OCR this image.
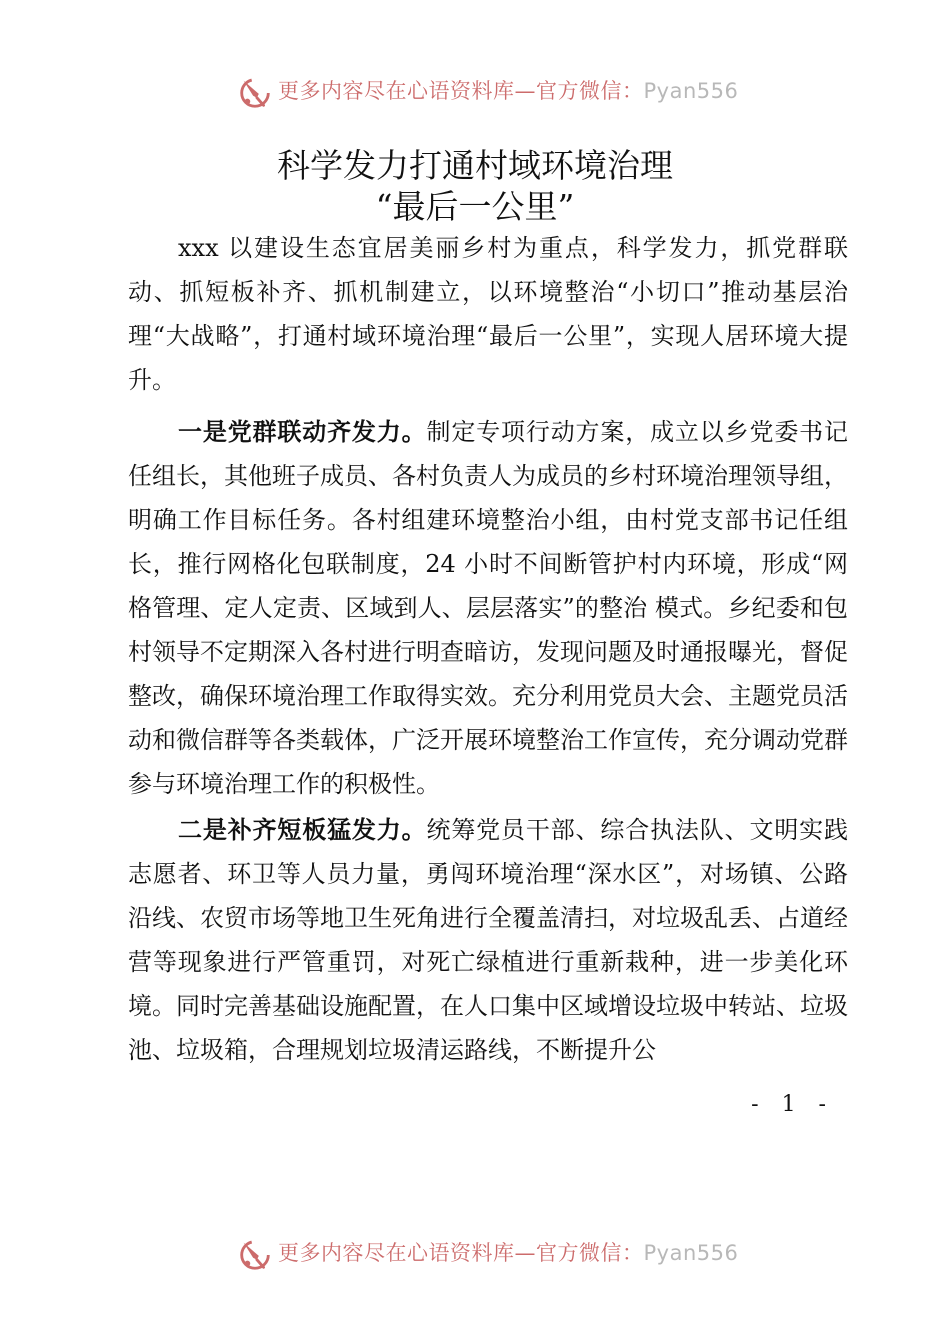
更多内容尽在心语资料库—官方微信：Pyan556
科学发力打通村域环境治理
“最后一公里”

xxx 以建设生态宜居美丽乡村为重点，科学发力，抓党群联动、抓短板补齐、抓机制建立，以环境整治“小切口”推动基层治理“大战略”，打通村域环境治理“最后一公里”，实现人居环境大提升。

一是党群联动齐发力。制定专项行动方案，成立以乡党委书记任组长，其他班子成员、各村负责人为成员的乡村环境治理领导组，明确工作目标任务。各村组建环境整治小组，由村党支部书记任组长，推行网格化包联制度，24 小时不间断管护村内环境，形成“网格管理、定人定责、区域到人、层层落实”的整治 模式。乡纪委和包村领导不定期深入各村进行明查暗访，发现问题及时通报曝光，督促整改，确保环境治理工作取得实效。充分利用党员大会、主题党员活动和微信群等各类载体，广泛开展环境整治工作宣传，充分调动党群参与环境治理工作的积极性。

二是补齐短板猛发力。统筹党员干部、综合执法队、文明实践志愿者、环卫等人员力量，勇闯环境治理“深水区”，对场镇、公路沿线、农贸市场等地卫生死角进行全覆盖清扫，对垃圾乱丢、占道经营等现象进行严管重罚，对死亡绿植进行重新栽种，进一步美化环境。同时完善基础设施配置，在人口集中区域增设垃圾中转站、垃圾池、垃圾箱，合理规划垃圾清运路线，不断提升公

- 1 -
更多内容尽在心语资料库—官方微信：Pyan556
